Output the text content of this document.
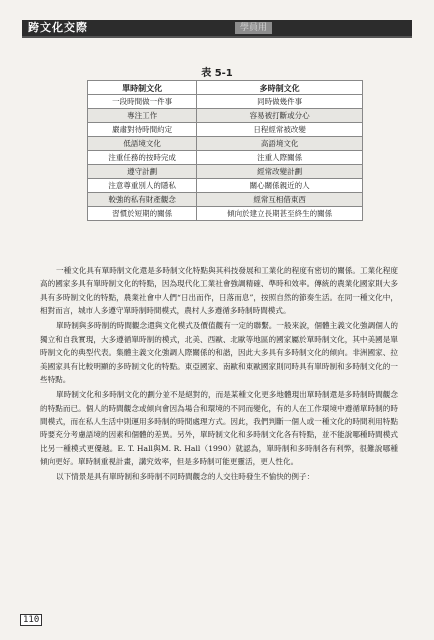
跨文化交際	學員用
表 5-1
單時制文化	多時制文化
一段時間做一件事	同時做幾件事
專注工作	容易被打斷或分心
嚴肅對待時間約定	日程經常被改變
低語境文化	高語境文化
注重任務的按時完成	注重人際關係
遵守計劃	經常改變計劃
注意尊重別人的隱私	關心關係親近的人
較強的私有財產觀念	經常互相借東西
習慣於短期的關係	傾向於建立長期甚至終生的關係

一種文化具有單時制文化還是多時制文化特點與其科技發展和工業化的程度有密切的關係。工業化程度高的國家多具有單時制文化的特點，因為現代化工業社會強調精確、準時和效率。傳統的農業化國家則大多具有多時制文化的特點，農業社會中人們“日出而作，日落而息”，按照自然的節奏生活。在同一種文化中，相對而言，城市人多遵守單時制時間模式，農村人多遵循多時制時間模式。

單時制與多時制的時間觀念還與文化模式及價值觀有一定的聯繫。一般來說，個體主義文化強調個人的獨立和自我實現，大多遵循單時制的模式，北美、西歐、北歐等地區的國家屬於單時制文化，其中美國是單時制文化的典型代表。集體主義文化強調人際關係的和諧，因此大多具有多時制文化的傾向。非洲國家、拉美國家具有比較明顯的多時制文化的特點。東亞國家、南歐和東歐國家則同時具有單時制和多時制文化的一些特點。

單時制文化和多時制文化的劃分並不是絕對的，而是某種文化更多地體現出單時制還是多時制時間觀念的特點而已。個人的時間觀念或傾向會因為場合和環境的不同而變化，有的人在工作環境中遵循單時制的時間模式，而在私人生活中則運用多時制的時間處理方式。因此，我們判斷一個人或一種文化的時間利用特點時要充分考慮語境的因素和個體的差異。另外，單時制文化和多時制文化各有特點，並不能說哪種時間模式比另一種模式更優越。E. T. Hall與M. R. Hall（1990）就認為，單時制和多時制各有利弊，很難說哪種傾向更好。單時制重視計畫，講究效率，但是多時制可能更靈活，更人性化。

以下情景是具有單時制和多時制不同時間觀念的人交往時發生不愉快的例子：

110
